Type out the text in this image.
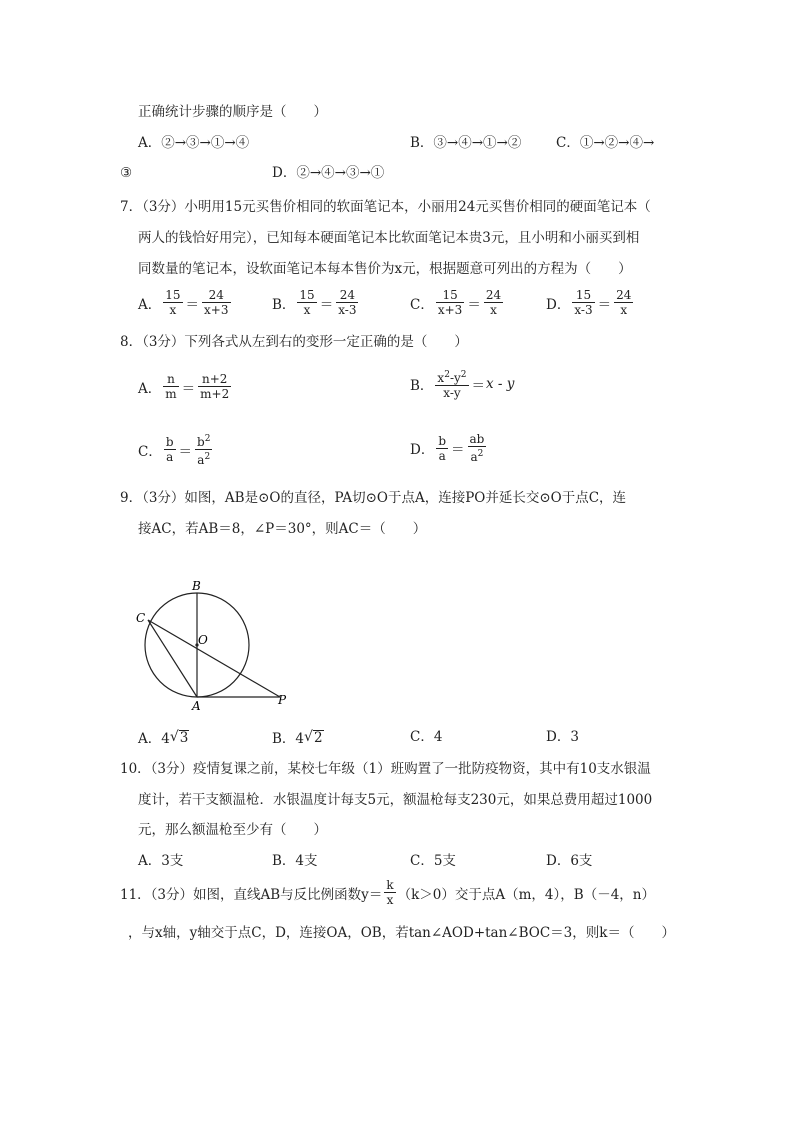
正确统计步骤的顺序是（　　）
A．②→③→①→④	B．③→④→①→②	C．①→②→④→
③	D．②→④→③→①
7．（3分）小明用15元买售价相同的软面笔记本，小丽用24元买售价相同的硬面笔记本（
两人的钱恰好用完），已知每本硬面笔记本比软面笔记本贵3元，且小明和小丽买到相
同数量的笔记本，设软面笔记本每本售价为x元，根据题意可列出的方程为（　　）
A． $\frac{15}{x} = \frac{24}{x+3}$	B． $\frac{15}{x} = \frac{24}{x-3}$	C． $\frac{15}{x+3} = \frac{24}{x}$	D． $\frac{15}{x-3} = \frac{24}{x}$
8．（3分）下列各式从左到右的变形一定正确的是（　　）
A． $\frac{n}{m} = \frac{n+2}{m+2}$	B． $\frac{x^2-y^2}{x-y} = x - y$
C． $\frac{b}{a} = \frac{b^2}{a^2}$	D． $\frac{b}{a} = \frac{ab}{a^2}$
9．（3分）如图，AB是⊙O的直径，PA切⊙O于点A，连接PO并延长交⊙O于点C，连
接AC，若AB＝8，∠P＝30°，则AC＝（　　）
B
C
O
A	P
A．4 √ 3	B．4 √ 2	C．4	D．3
10．（3分）疫情复课之前，某校七年级（1）班购置了一批防疫物资，其中有10支水银温
度计，若干支额温枪．水银温度计每支5元，额温枪每支230元，如果总费用超过1000
元，那么额温枪至少有（　　）
A．3支	B．4支	C．5支	D．6支
11．（3分）如图，直线AB与反比例函数$y= \frac{k}{x} (k>0)$交于点A（m，4），B（－4，n）
，与x轴，y轴交于点C，D，连接OA，OB，若tan∠AOD+tan∠BOC＝3，则k＝（　　）
